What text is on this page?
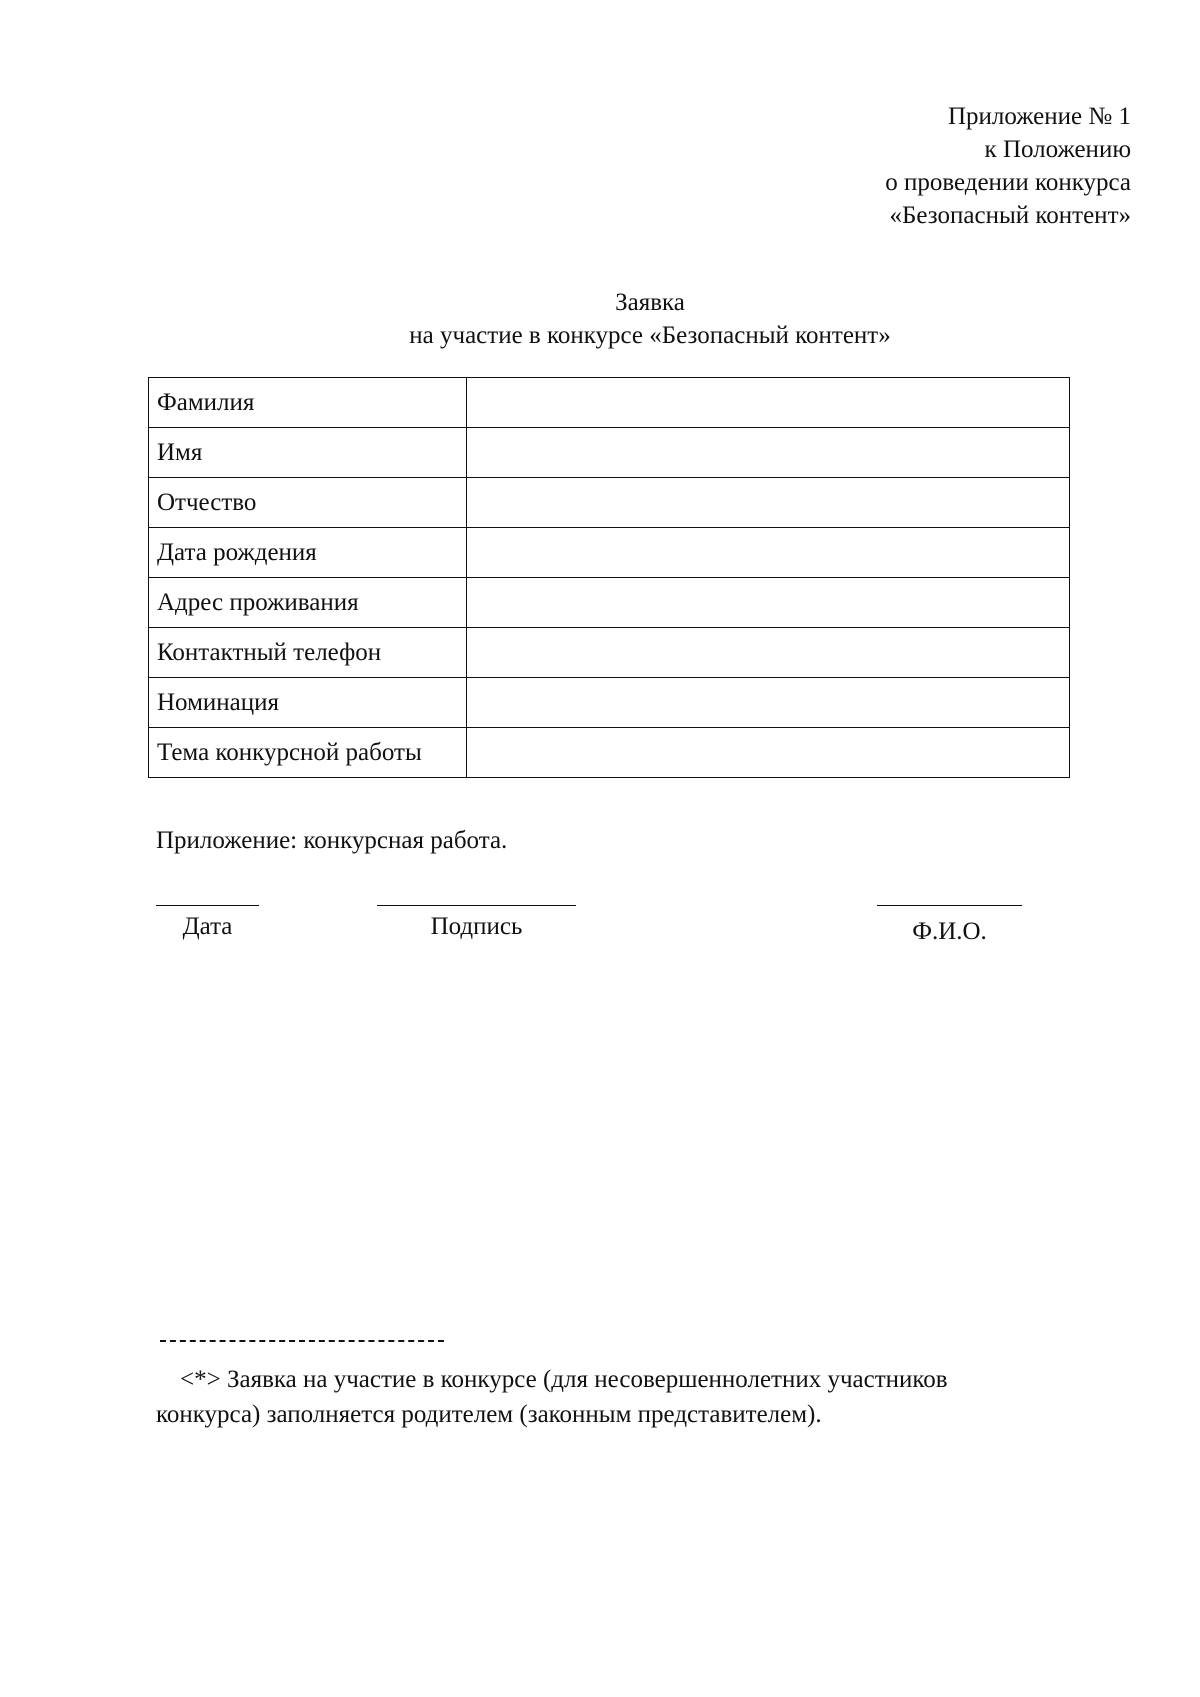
Приложение № 1
к Положению
о проведении конкурса
«Безопасный контент»
Заявка
на участие в конкурсе «Безопасный контент»
Фамилия	
Имя	
Отчество	
Дата рождения	
Адрес проживания	
Контактный телефон	
Номинация	
Тема конкурсной работы	
Приложение: конкурсная работа.
Дата	Подпись	Ф.И.О.
<*> Заявка на участие в конкурсе (для несовершеннолетних участников
конкурса) заполняется родителем (законным представителем).
